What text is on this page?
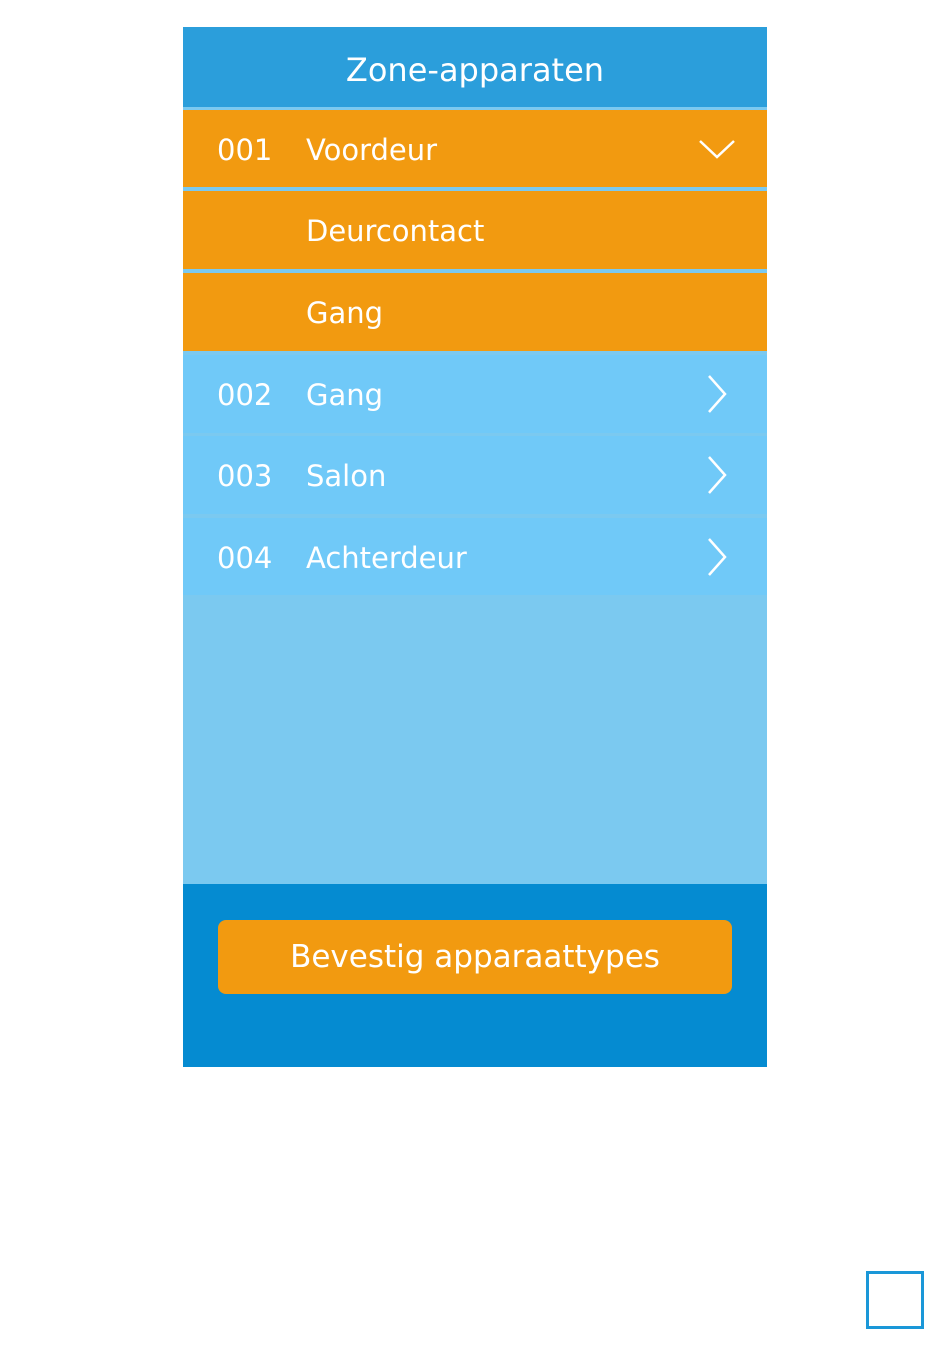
Zone-apparaten
001 Voordeur
Deurcontact
Gang
002 Gang
003 Salon
004 Achterdeur
Bevestig apparaattypes
